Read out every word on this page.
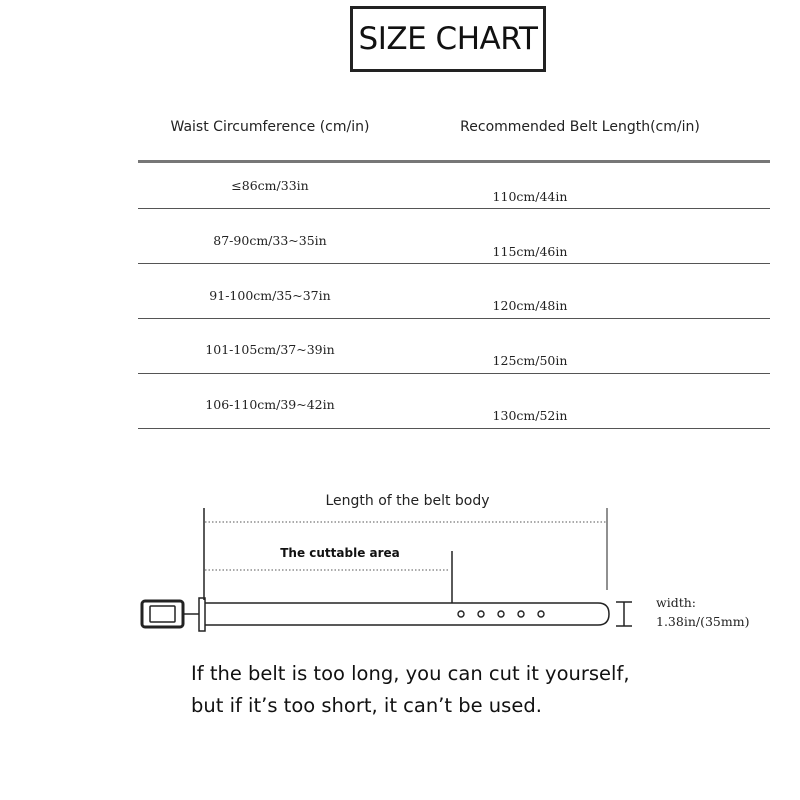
SIZE CHART
Waist Circumference (cm/in)	Recommended Belt Length(cm/in)
≤86cm/33in
110cm/44in
87-90cm/33~35in
115cm/46in
91-100cm/35~37in
120cm/48in
101-105cm/37~39in
125cm/50in
106-110cm/39~42in
130cm/52in
Length of the belt body
The cuttable area
width:
1.38in/(35mm)
If the belt is too long, you can cut it yourself,
but if it’s too short, it can’t be used.
